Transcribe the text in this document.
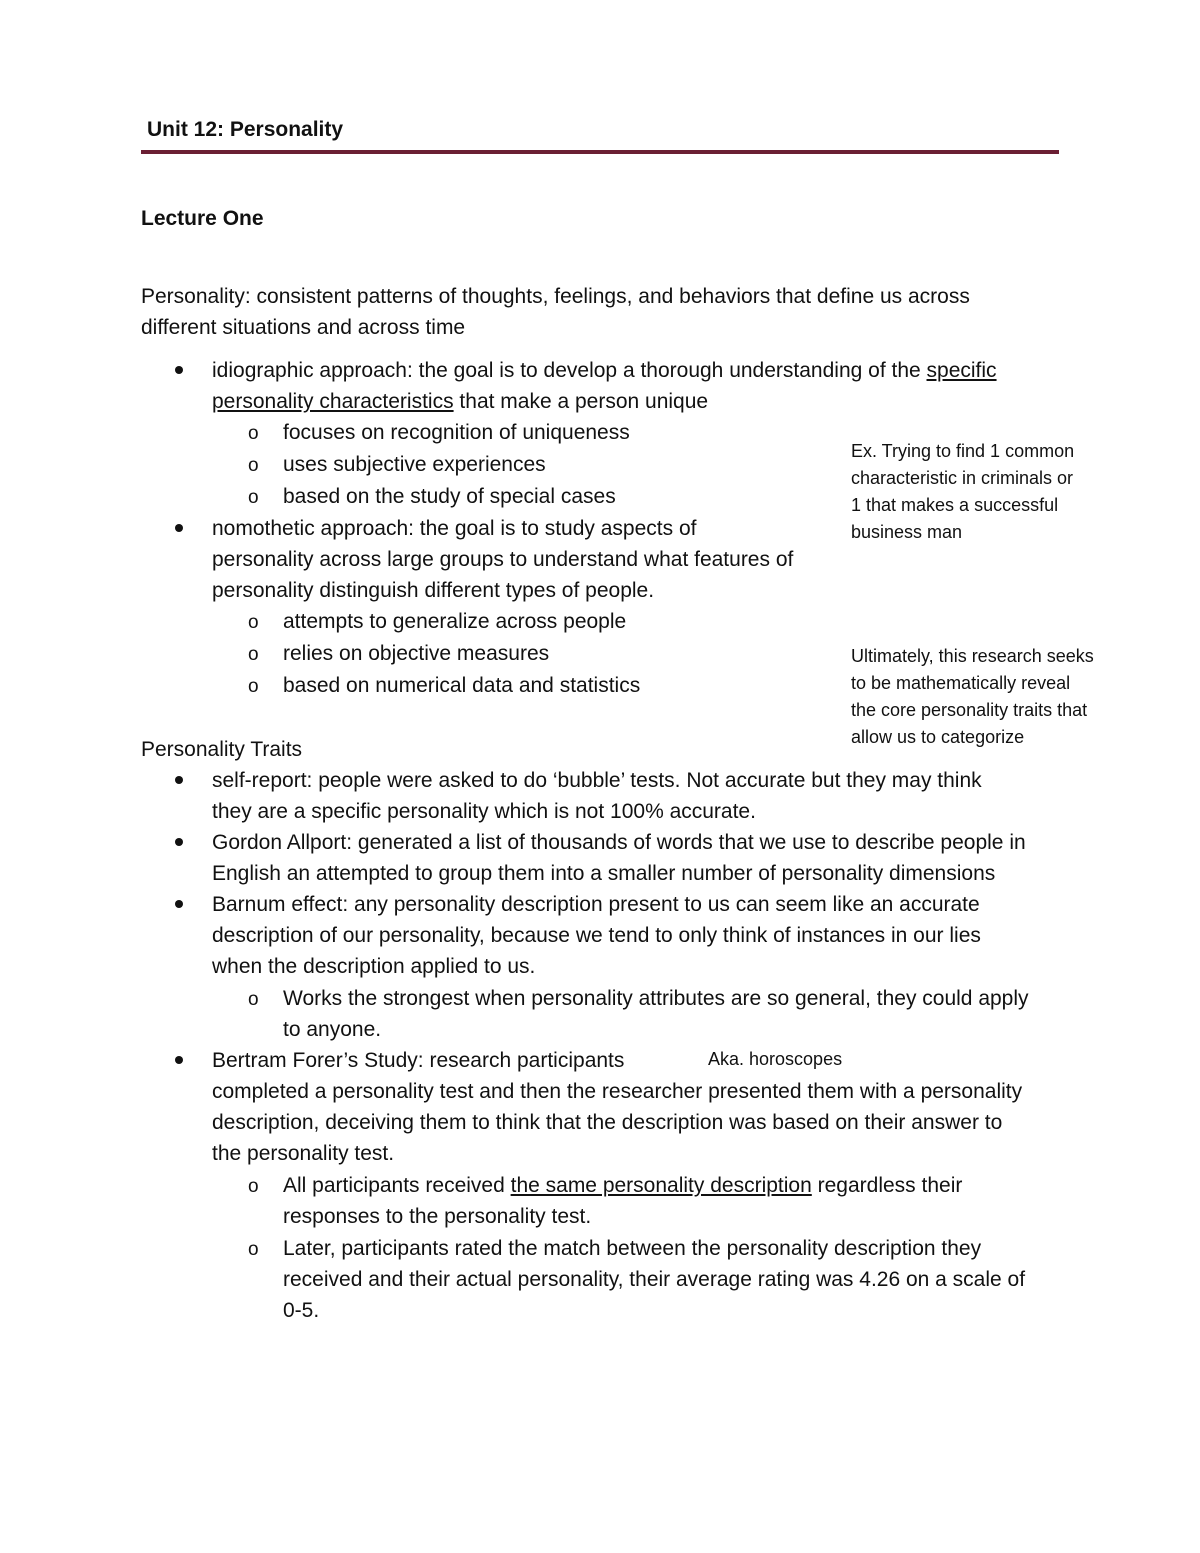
Unit 12: Personality
Lecture One
Personality: consistent patterns of thoughts, feelings, and behaviors that define us across
different situations and across time
idiographic approach: the goal is to develop a thorough understanding of the specific
personality characteristics that make a person unique
o focuses on recognition of uniqueness
o uses subjective experiences
o based on the study of special cases
nomothetic approach: the goal is to study aspects of
personality across large groups to understand what features of
personality distinguish different types of people.
o attempts to generalize across people
o relies on objective measures
o based on numerical data and statistics
Ex. Trying to find 1 common
characteristic in criminals or
1 that makes a successful
business man
Ultimately, this research seeks
to be mathematically reveal
the core personality traits that
allow us to categorize
Personality Traits
self-report: people were asked to do ‘bubble’ tests. Not accurate but they may think
they are a specific personality which is not 100% accurate.
Gordon Allport: generated a list of thousands of words that we use to describe people in
English an attempted to group them into a smaller number of personality dimensions
Barnum effect: any personality description present to us can seem like an accurate
description of our personality, because we tend to only think of instances in our lies
when the description applied to us.
o Works the strongest when personality attributes are so general, they could apply
to anyone.
Bertram Forer’s Study: research participants	Aka. horoscopes
completed a personality test and then the researcher presented them with a personality
description, deceiving them to think that the description was based on their answer to
the personality test.
o All participants received the same personality description regardless their
responses to the personality test.
o Later, participants rated the match between the personality description they
received and their actual personality, their average rating was 4.26 on a scale of
0-5.
